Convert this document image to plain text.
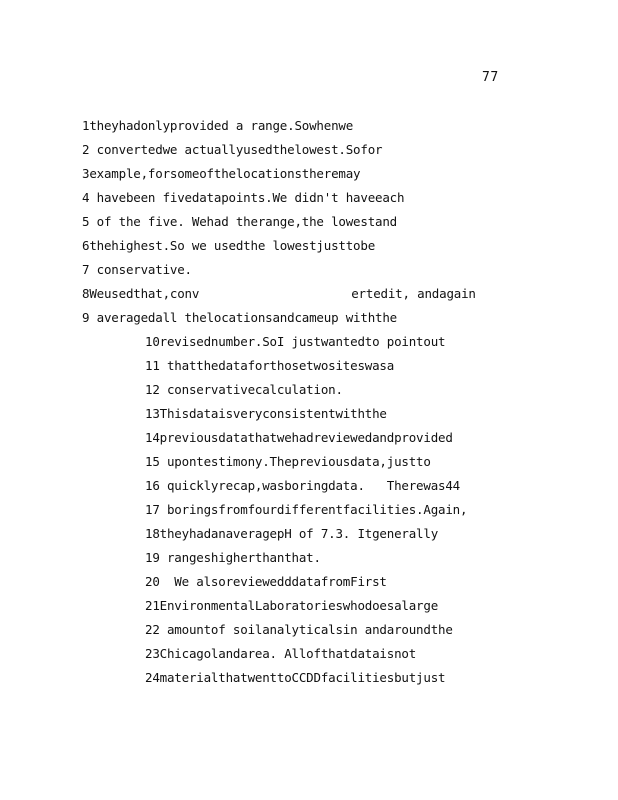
77
1theyhadonlyprovided a range.Sowhenwe
2 convertedwe actuallyusedthelowest.Sofor
3example,forsomeofthelocationstheremay
4 havebeen fivedatapoints.We didn't haveeach
5 of the five. Wehad therange,the lowestand
6thehighest.So we usedthe lowestjusttobe
7 conservative.
8Weusedthat,conv	ertedit, andagain
9 averagedall thelocationsandcameup withthe
10revisednumber.SoI justwantedto pointout
11 thatthedataforthosetwositeswasa
12 conservativecalculation.
13Thisdataisveryconsistentwiththe
14previousdatathatwehadreviewedandprovided
15 upontestimony.Thepreviousdata,justto
16 quicklyrecap,wasboringdata.   Therewas44
17 boringsfromfourdifferentfacilities.Again,
18theyhadanaveragepH of 7.3. Itgenerally
19 rangeshigherthanthat.
20  We alsoreviewedddatafromFirst
21EnvironmentalLaboratorieswhodoesalarge
22 amountof soilanalyticalsin andaroundthe
23Chicagolandarea. Allofthatdataisnot
24materialthatwenttoCCDDfacilitiesbutjust
